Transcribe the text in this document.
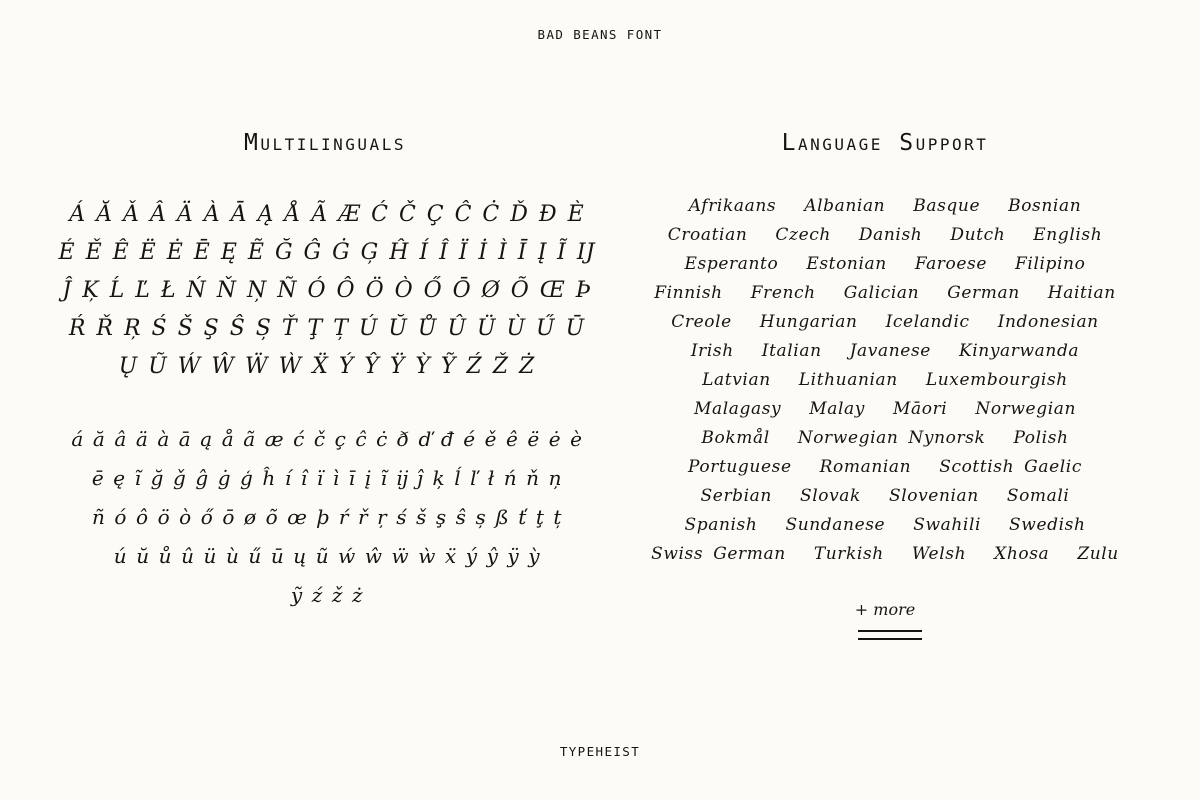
BAD BEANS FONT
Multilinguals	Language Support
Á Ă Ǎ Â Ä À Ā Ą Å Ã Æ Ć Č Ç Ĉ Ċ Ď Đ È
É Ě Ê Ë Ė Ē Ę Ẽ Ğ Ĝ Ġ Ģ Ĥ Í Î Ï İ Ì Ī Į Ĩ Ĳ
Ĵ Ķ Ĺ Ľ Ł Ń Ň Ņ Ñ Ó Ô Ö Ò Ő Ō Ø Õ Œ Þ
Ŕ Ř Ŗ Ś Š Ş Ŝ Ș Ť Ţ Ț Ú Ŭ Ů Û Ü Ù Ű Ū
Ų Ũ Ẃ Ŵ Ẅ Ẁ Ẍ Ý Ŷ Ÿ Ỳ Ỹ Ź Ž Ż
á ă â ä à ā ą å ã æ ć č ç ĉ ċ ð ď đ é ě ê ë ė è
ē ę ĩ ğ ǧ ĝ ġ ģ ĥ í î ï ì ī į ĩ ĳ ĵ ķ ĺ ľ ł ń ň ņ
ñ ó ô ö ò ő ō ø õ œ þ ŕ ř ŗ ś š ş ŝ ș ß ť ţ ț
ú ŭ ů û ü ù ű ū ų ũ ẃ ŵ ẅ ẁ ẍ ý ŷ ÿ ỳ
ỹ ź ž ż
Afrikaans Albanian Basque Bosnian
Croatian Czech Danish Dutch English
Esperanto Estonian Faroese Filipino
Finnish French Galician German Haitian
Creole Hungarian Icelandic Indonesian
Irish Italian Javanese Kinyarwanda
Latvian Lithuanian Luxembourgish
Malagasy Malay Māori Norwegian
Bokmål Norwegian Nynorsk Polish
Portuguese Romanian Scottish Gaelic
Serbian Slovak Slovenian Somali
Spanish Sundanese Swahili Swedish
Swiss German Turkish Welsh Xhosa Zulu
+ more
TYPEHEIST
